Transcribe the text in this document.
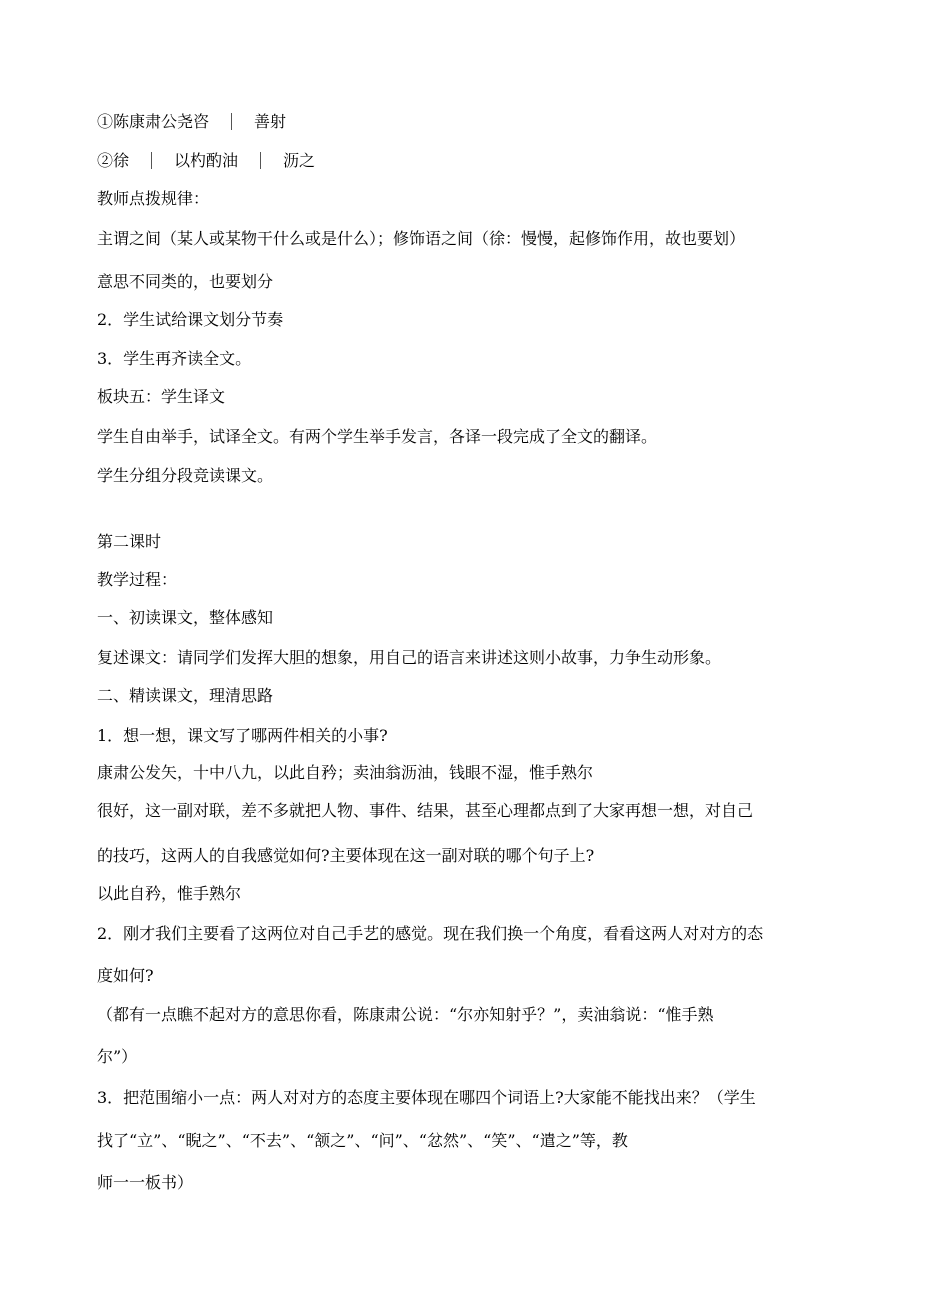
①陈康肃公尧咨	善射
②徐	以杓酌油	沥之
教师点拨规律：
主谓之间（某人或某物干什么或是什么）；修饰语之间（徐：慢慢，起修饰作用，故也要划）
意思不同类的，也要划分
2．学生试给课文划分节奏
3．学生再齐读全文。
板块五：学生译文
学生自由举手，试译全文。有两个学生举手发言，各译一段完成了全文的翻译。
学生分组分段竞读课文。
第二课时
教学过程：
一、初读课文，整体感知
复述课文：请同学们发挥大胆的想象，用自己的语言来讲述这则小故事，力争生动形象。
二、精读课文，理清思路
1．想一想，课文写了哪两件相关的小事?
康肃公发矢，十中八九，以此自矜；卖油翁沥油，钱眼不湿，惟手熟尔
很好，这一副对联，差不多就把人物、事件、结果，甚至心理都点到了大家再想一想，对自己
的技巧，这两人的自我感觉如何?主要体现在这一副对联的哪个句子上?
以此自矜，惟手熟尔
2．刚才我们主要看了这两位对自己手艺的感觉。现在我们换一个角度，看看这两人对对方的态
度如何?
（都有一点瞧不起对方的意思你看，陈康肃公说：“尔亦知射乎？”，卖油翁说：“惟手熟
尔”）
3．把范围缩小一点：两人对对方的态度主要体现在哪四个词语上?大家能不能找出来？（学生
找了“立”、“睨之”、“不去”、“颔之”、“问”、“忿然”、“笑”、“遣之”等，教
师一一板书）
